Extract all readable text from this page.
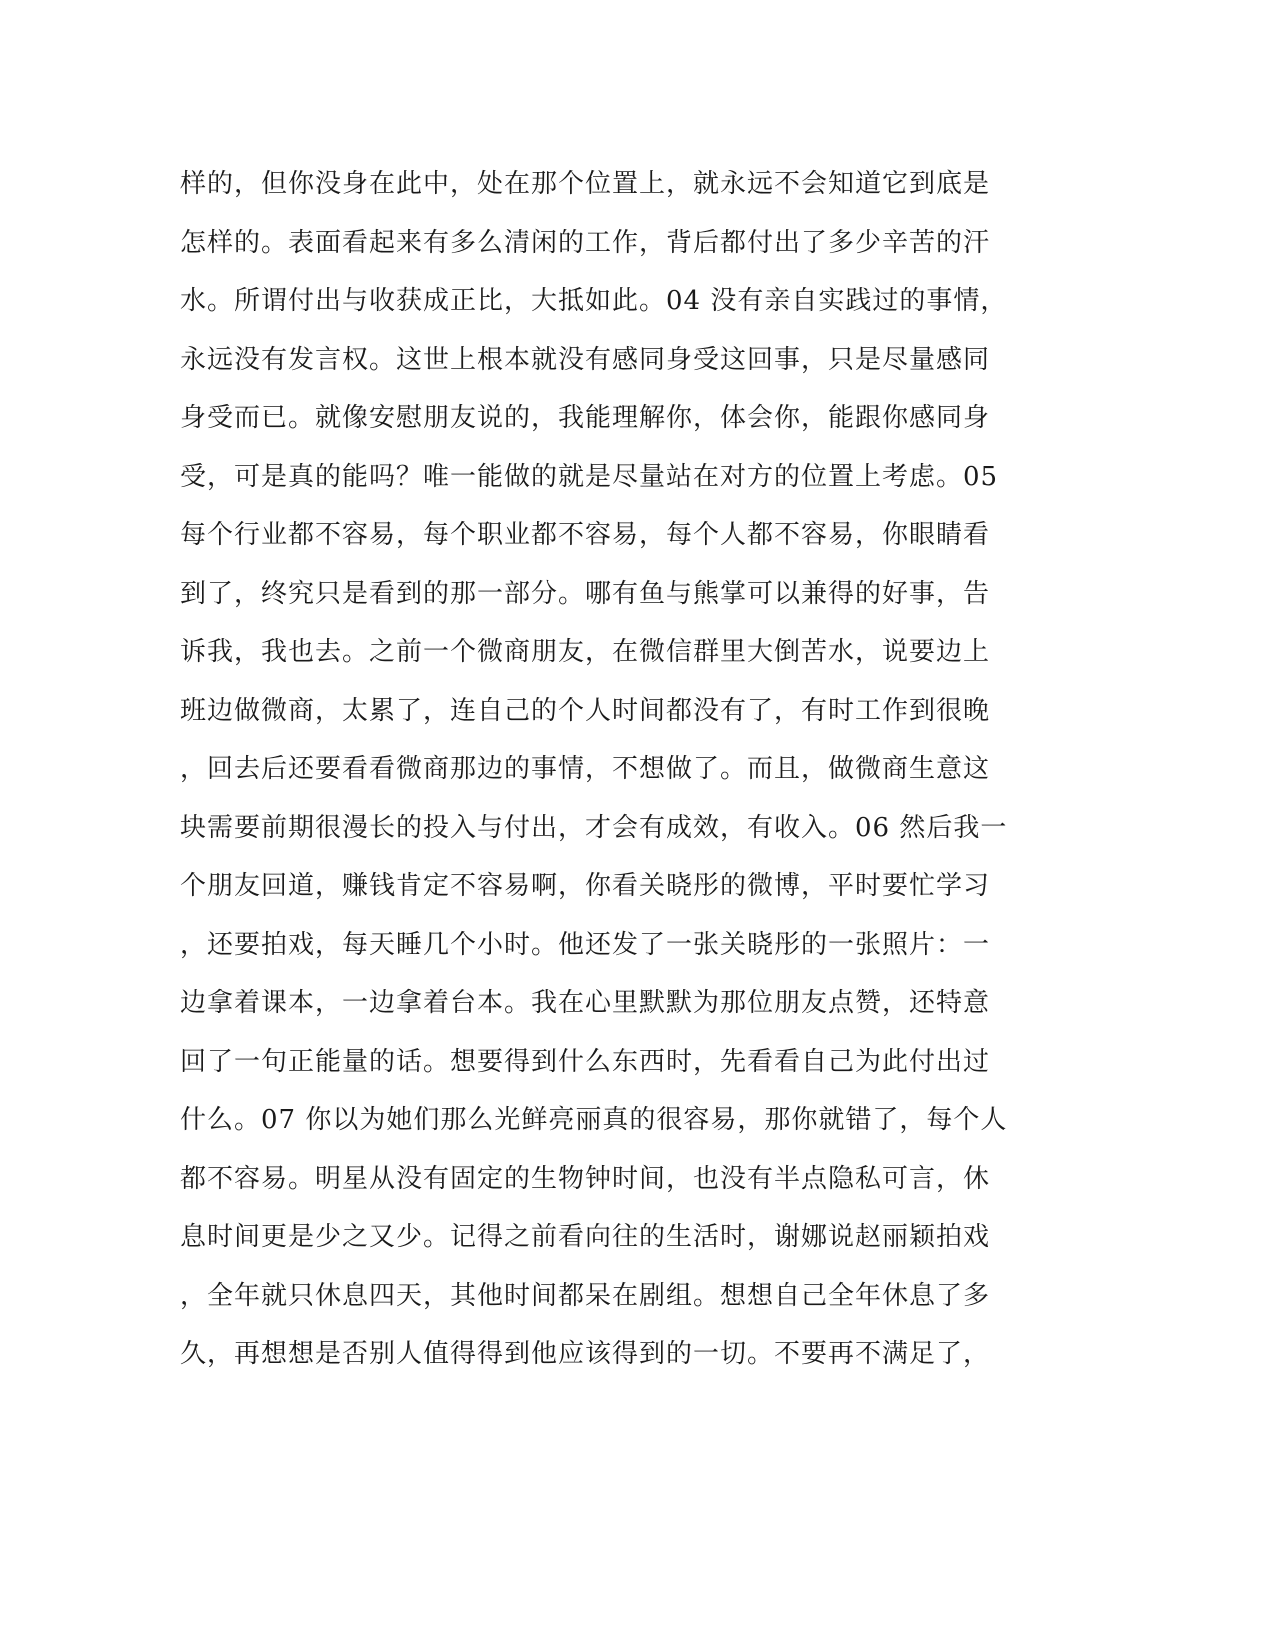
样的，但你没身在此中，处在那个位置上，就永远不会知道它到底是
怎样的。表面看起来有多么清闲的工作，背后都付出了多少辛苦的汗
水。所谓付出与收获成正比，大抵如此。04 没有亲自实践过的事情，
永远没有发言权。这世上根本就没有感同身受这回事，只是尽量感同
身受而已。就像安慰朋友说的，我能理解你，体会你，能跟你感同身
受，可是真的能吗？唯一能做的就是尽量站在对方的位置上考虑。05
每个行业都不容易，每个职业都不容易，每个人都不容易，你眼睛看
到了，终究只是看到的那一部分。哪有鱼与熊掌可以兼得的好事，告
诉我，我也去。之前一个微商朋友，在微信群里大倒苦水，说要边上
班边做微商，太累了，连自己的个人时间都没有了，有时工作到很晚
，回去后还要看看微商那边的事情，不想做了。而且，做微商生意这
块需要前期很漫长的投入与付出，才会有成效，有收入。06 然后我一
个朋友回道，赚钱肯定不容易啊，你看关晓彤的微博，平时要忙学习
，还要拍戏，每天睡几个小时。他还发了一张关晓彤的一张照片：一
边拿着课本，一边拿着台本。我在心里默默为那位朋友点赞，还特意
回了一句正能量的话。想要得到什么东西时，先看看自己为此付出过
什么。07 你以为她们那么光鲜亮丽真的很容易，那你就错了，每个人
都不容易。明星从没有固定的生物钟时间，也没有半点隐私可言，休
息时间更是少之又少。记得之前看向往的生活时，谢娜说赵丽颖拍戏
，全年就只休息四天，其他时间都呆在剧组。想想自己全年休息了多
久，再想想是否别人值得得到他应该得到的一切。不要再不满足了，
